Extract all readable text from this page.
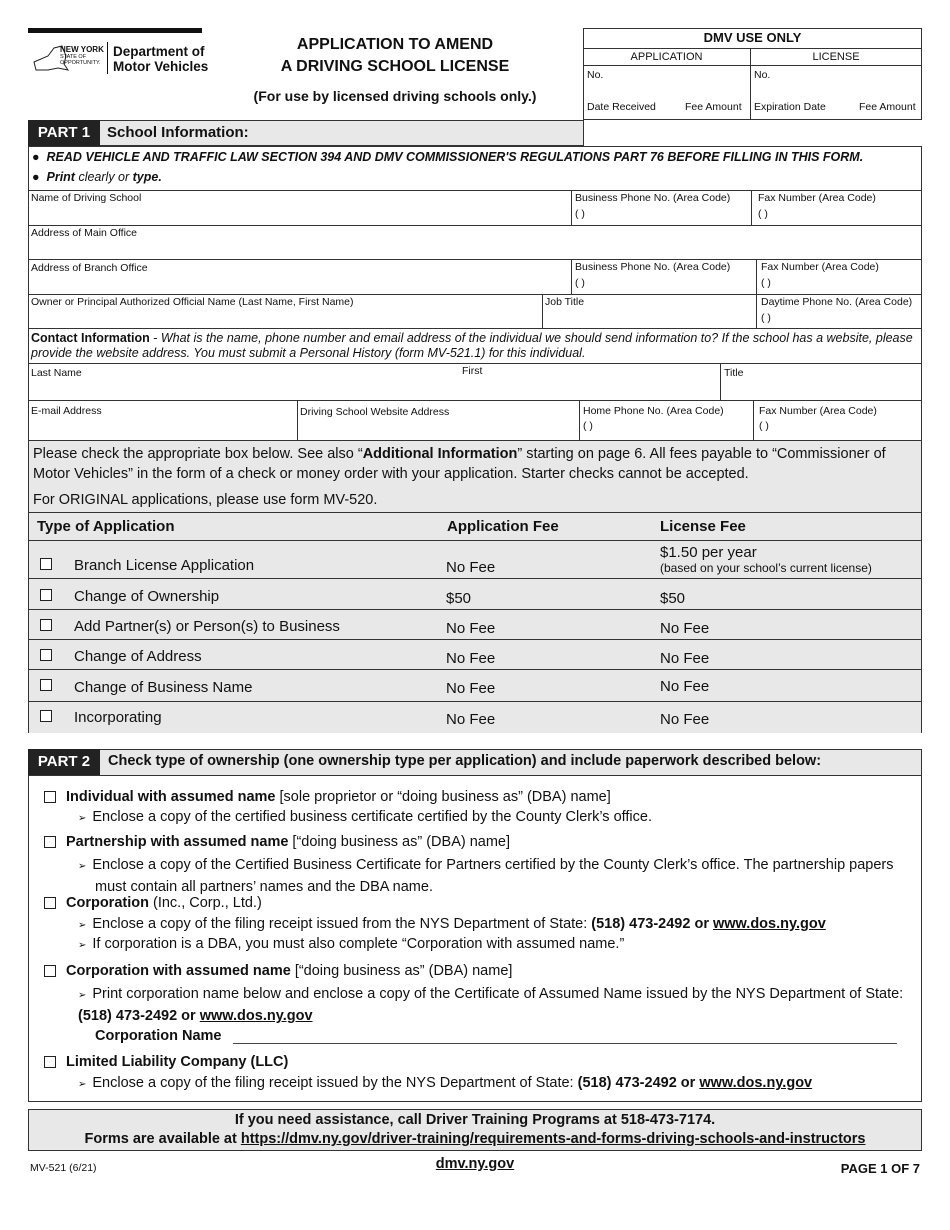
NEW YORK
STATE OF
OPPORTUNITY.
Department of
Motor Vehicles
APPLICATION TO AMEND
A DRIVING SCHOOL LICENSE
(For use by licensed driving schools only.)
DMV USE ONLY
APPLICATION	LICENSE
No.	No.
Date Received	Fee Amount Expiration Date	Fee Amount
PART 1	School Information:
●  READ VEHICLE AND TRAFFIC LAW SECTION 394 AND DMV COMMISSIONER'S REGULATIONS PART 76 BEFORE FILLING IN THIS FORM.
●  Print clearly or type.
Name of Driving School	Business Phone No. (Area Code)
( )
Fax Number (Area Code)
( )
Address of Main Office
Address of Branch Office	Business Phone No. (Area Code)
( )
Fax Number (Area Code)
( )
Owner or Principal Authorized Official Name (Last Name, First Name)	Job Title	Daytime Phone No. (Area Code)
( )
Contact Information - What is the name, phone number and email address of the individual we should send information to? If the school has a website, please provide the website address. You must submit a Personal History (form MV-521.1) for this individual.
Last Name	First	Title
E-mail Address	Driving School Website Address	Home Phone No. (Area Code)
( )
Fax Number (Area Code)
( )
Please check the appropriate box below. See also “Additional Information” starting on page 6. All fees payable to “Commissioner of Motor Vehicles” in the form of a check or money order with your application. Starter checks cannot be accepted.
For ORIGINAL applications, please use form MV-520.
Type of Application	Application Fee	License Fee
Branch License Application	No Fee
$1.50 per year
(based on your school’s current license)
Change of Ownership	$50	$50
Add Partner(s) or Person(s) to Business	No Fee	No Fee
Change of Address	No Fee	No Fee
Change of Business Name	No Fee	No Fee
Incorporating	No Fee	No Fee
PART 2	Check type of ownership (one ownership type per application) and include paperwork described below:
Individual with assumed name [sole proprietor or “doing business as” (DBA) name]
➢ Enclose a copy of the certified business certificate certified by the County Clerk’s office.
Partnership with assumed name [“doing business as” (DBA) name]
➢ Enclose a copy of the Certified Business Certificate for Partners certified by the County Clerk’s office. The partnership papers must contain all partners’ names and the DBA name.
Corporation (Inc., Corp., Ltd.)
➢ Enclose a copy of the filing receipt issued from the NYS Department of State: (518) 473-2492 or www.dos.ny.gov
➢ If corporation is a DBA, you must also complete “Corporation with assumed name.”
Corporation with assumed name [“doing business as” (DBA) name]
➢ Print corporation name below and enclose a copy of the Certificate of Assumed Name issued by the NYS Department of State: (518) 473-2492 or www.dos.ny.gov
Corporation Name
Limited Liability Company (LLC)
➢ Enclose a copy of the filing receipt issued by the NYS Department of State: (518) 473-2492 or www.dos.ny.gov
If you need assistance, call Driver Training Programs at 518-473-7174.
Forms are available at https://dmv.ny.gov/driver-training/requirements-and-forms-driving-schools-and-instructors
MV-521 (6/21)	dmv.ny.gov	PAGE 1 OF 7
